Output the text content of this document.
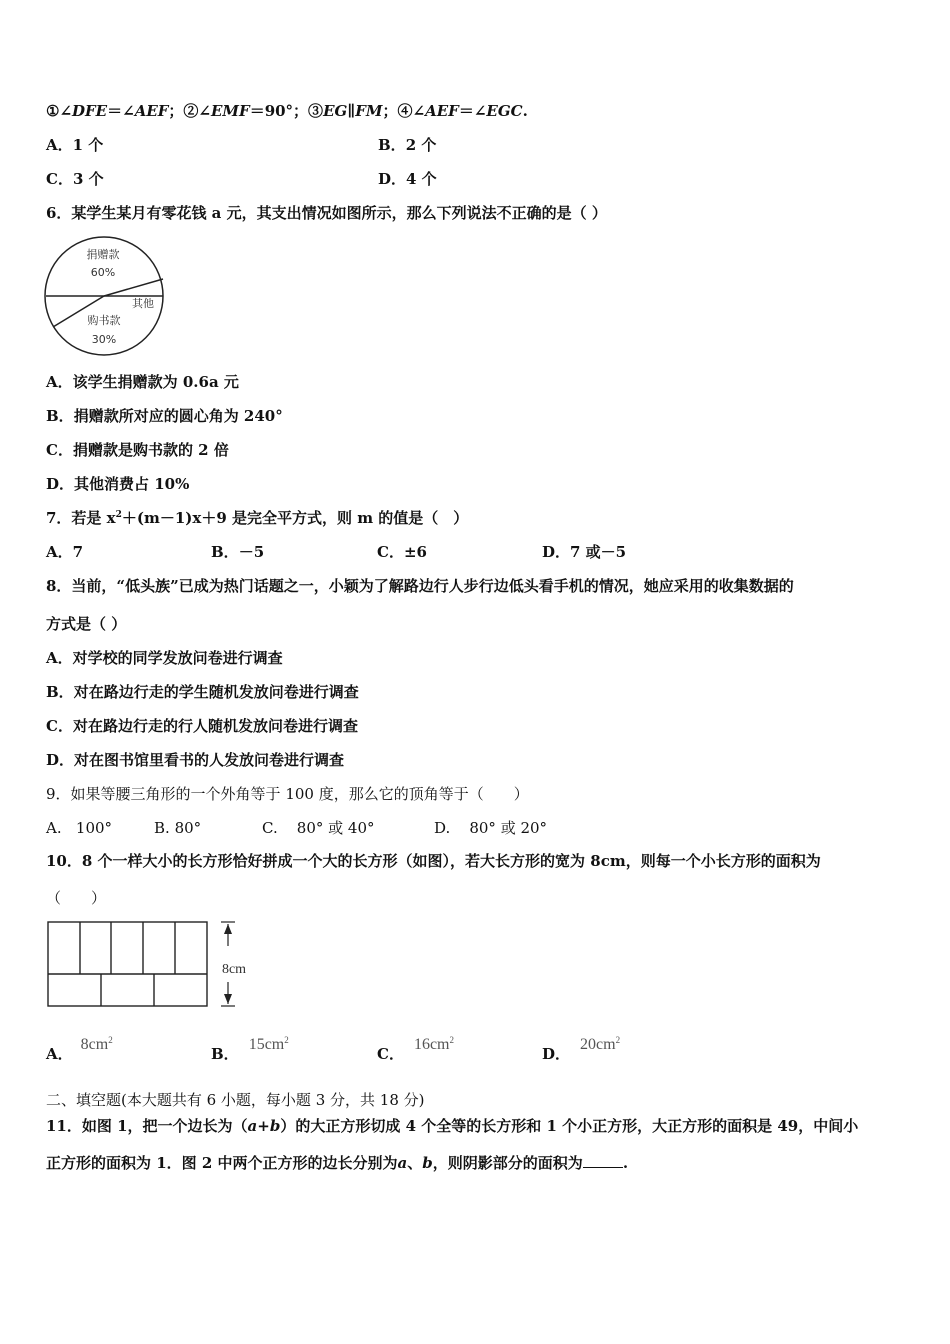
①∠DFE＝∠AEF；②∠EMF＝90°；③EG∥FM；④∠AEF＝∠EGC.
A．1 个	B．2 个
C．3 个	D．4 个
6．某学生某月有零花钱 a 元，其支出情况如图所示，那么下列说法不正确的是（ ）
捐赠款
60%
其他
购书款
30%
A．该学生捐赠款为 0.6a 元
B．捐赠款所对应的圆心角为 240°
C．捐赠款是购书款的 2 倍
D．其他消费占 10%
7．若是 $x^2+(m-1)x+9$ 是完全平方式，则 m 的值是（　）
A．7	B．－5	C．±6	D．7 或－5
8．当前，“低头族”已成为热门话题之一，小颖为了解路边行人步行边低头看手机的情况，她应采用的收集数据的
方式是（ ）
A．对学校的同学发放问卷进行调查
B．对在路边行走的学生随机发放问卷进行调查
C．对在路边行走的行人随机发放问卷进行调查
D．对在图书馆里看书的人发放问卷进行调查
9．如果等腰三角形的一个外角等于 100 度，那么它的顶角等于（　　）
A. 100°	B. 80°	C. 80° 或 40°	D. 80° 或 20°
10．8 个一样大小的长方形恰好拼成一个大的长方形（如图），若大长方形的宽为 8cm，则每一个小长方形的面积为
（　　）
8cm
A．$8cm^2$
B．$15cm^2$
C．$16cm^2$
D．$20cm^2$
二、填空题(本大题共有 6 小题，每小题 3 分，共 18 分)
11．如图 1，把一个边长为（a+b）的大正方形切成 4 个全等的长方形和 1 个小正方形，大正方形的面积是 49，中间小
正方形的面积为 1．图 2 中两个正方形的边长分别为a、b，则阴影部分的面积为	.
